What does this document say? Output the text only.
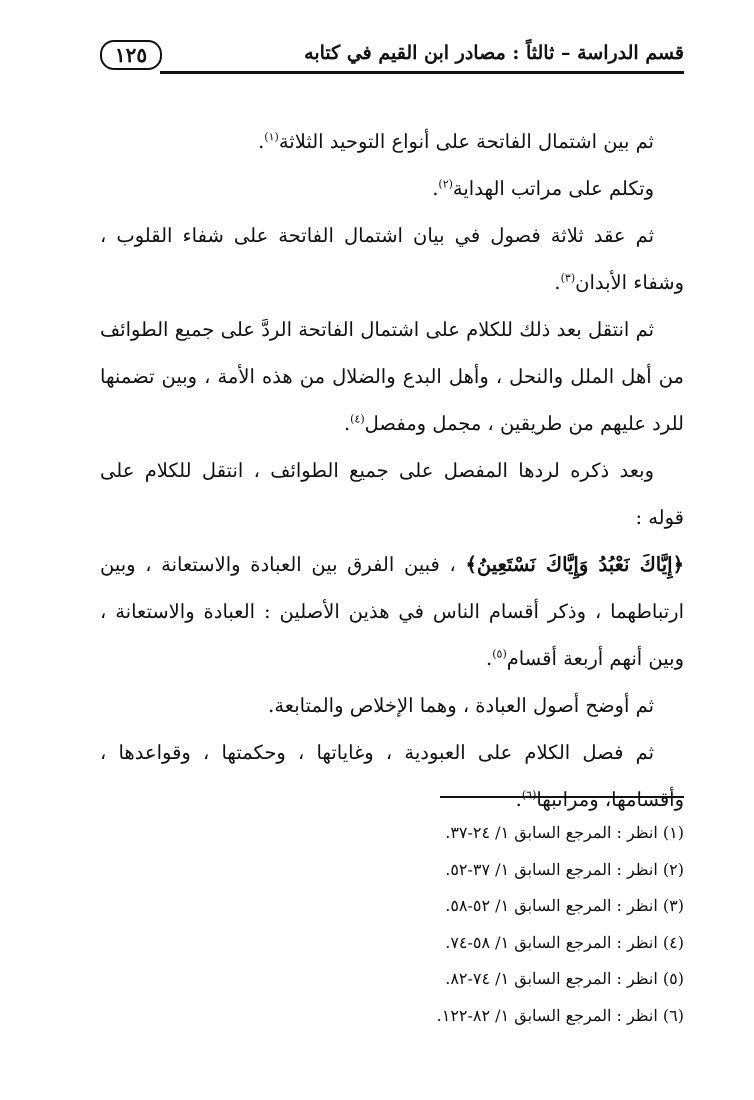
قسم الدراسة – ثالثاً : مصادر ابن القيم في كتابه
١٢٥

ثم بين اشتمال الفاتحة على أنواع التوحيد الثلاثة$^{(١)}$.

وتكلم على مراتب الهداية$^{(٢)}$.

ثم عقد ثلاثة فصول في بيان اشتمال الفاتحة على شفاء القلوب ، وشفاء الأبدان$^{(٣)}$.

ثم انتقل بعد ذلك للكلام على اشتمال الفاتحة الردَّ على جميع الطوائف من أهل الملل والنحل ، وأهل البدع والضلال من هذه الأمة ، وبين تضمنها للرد عليهم من طريقين ، مجمل ومفصل$^{(٤)}$.

وبعد ذكره لردها المفصل على جميع الطوائف ، انتقل للكلام على قوله :

﴿إِيَّاكَ نَعْبُدُ وَإِيَّاكَ نَسْتَعِينُ﴾ ، فبين الفرق بين العبادة والاستعانة ، وبين ارتباطهما ، وذكر أقسام الناس في هذين الأصلين : العبادة والاستعانة ، وبين أنهم أربعة أقسام$^{(٥)}$.

ثم أوضح أصول العبادة ، وهما الإخلاص والمتابعة.

ثم فصل الكلام على العبودية ، وغاياتها ، وحكمتها ، وقواعدها ، وأقسامها، ومراتبها$^{(٦)}$.

(١) انظر : المرجع السابق ١/ ٢٤-٣٧.
(٢) انظر : المرجع السابق ١/ ٣٧-٥٢.
(٣) انظر : المرجع السابق ١/ ٥٢-٥٨.
(٤) انظر : المرجع السابق ١/ ٥٨-٧٤.
(٥) انظر : المرجع السابق ١/ ٧٤-٨٢.
(٦) انظر : المرجع السابق ١/ ٨٢-١٢٢.
